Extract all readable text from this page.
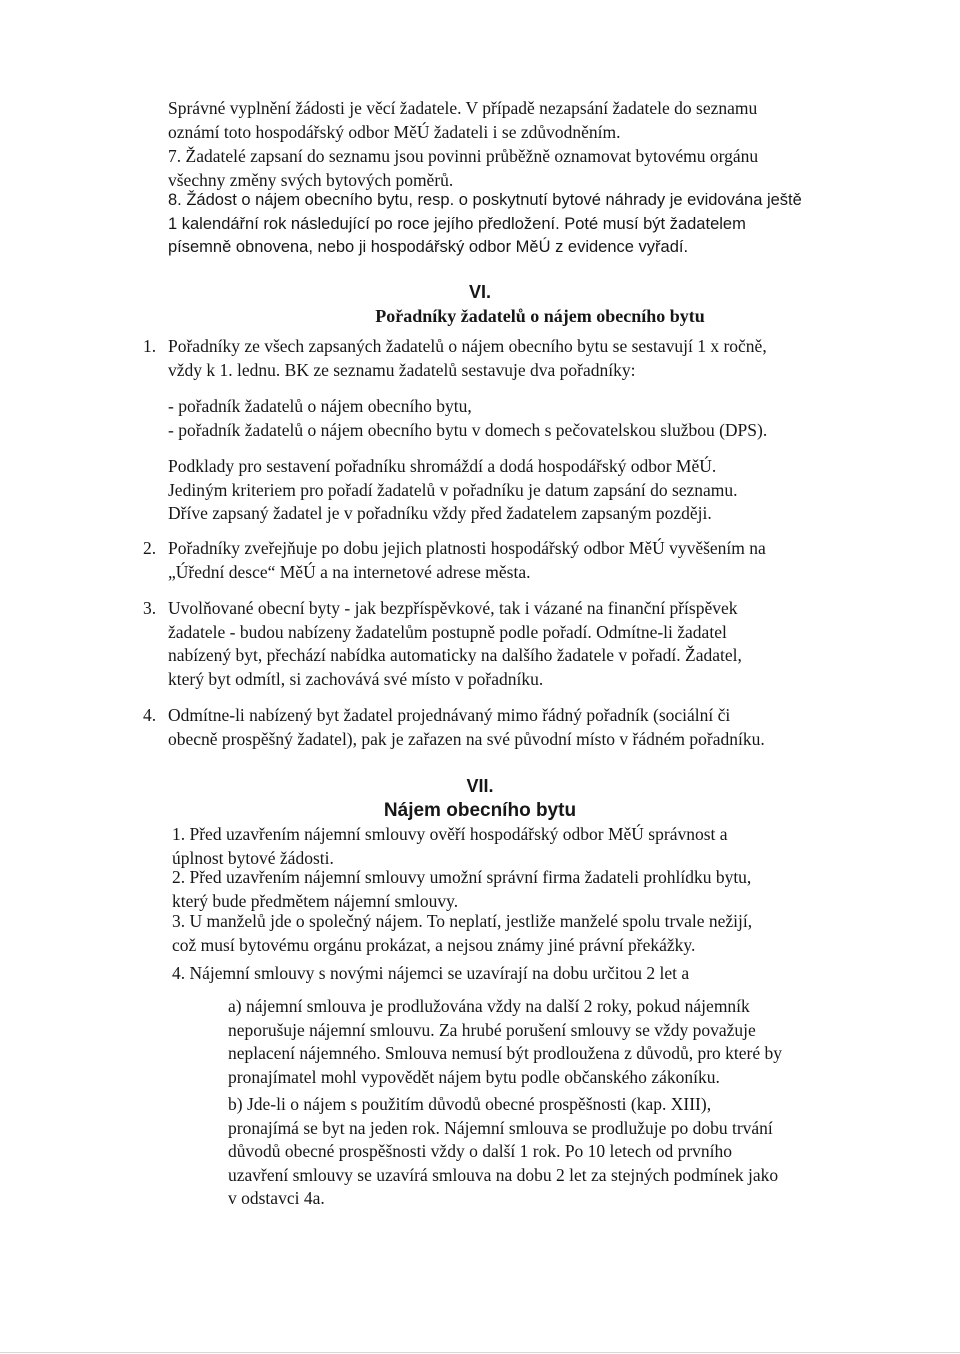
Správné vyplnění žádosti je věcí žadatele. V případě nezapsání žadatele do seznamu
oznámí toto hospodářský odbor MěÚ žadateli i se zdůvodněním.
7. Žadatelé zapsaní do seznamu jsou povinni průběžně oznamovat bytovému orgánu
všechny změny svých bytových poměrů.
8. Žádost o nájem obecního bytu, resp. o poskytnutí bytové náhrady je evidována ještě
1 kalendářní rok následující po roce jejího předložení. Poté musí být žadatelem
písemně obnovena, nebo ji hospodářský odbor MěÚ z evidence vyřadí.
VI.
Pořadníky žadatelů o nájem obecního bytu
1. Pořadníky ze všech zapsaných žadatelů o nájem obecního bytu se sestavují 1 x ročně,
vždy k 1. lednu. BK ze seznamu žadatelů sestavuje dva pořadníky:
- pořadník žadatelů o nájem obecního bytu,
- pořadník žadatelů o nájem obecního bytu v domech s pečovatelskou službou (DPS).
Podklady pro sestavení pořadníku shromáždí a dodá hospodářský odbor MěÚ.
Jediným kriteriem pro pořadí žadatelů v pořadníku je datum zapsání do seznamu.
Dříve zapsaný žadatel je v pořadníku vždy před žadatelem zapsaným později.
2. Pořadníky zveřejňuje po dobu jejich platnosti hospodářský odbor MěÚ vyvěšením na
„Úřední desce“ MěÚ a na internetové adrese města.
3. Uvolňované obecní byty - jak bezpříspěvkové, tak i vázané na finanční příspěvek
žadatele - budou nabízeny žadatelům postupně podle pořadí. Odmítne-li žadatel
nabízený byt, přechází nabídka automaticky na dalšího žadatele v pořadí. Žadatel,
který byt odmítl, si zachovává své místo v pořadníku.
4. Odmítne-li nabízený byt žadatel projednávaný mimo řádný pořadník (sociální či
obecně prospěšný žadatel), pak je zařazen na své původní místo v řádném pořadníku.
VII.
Nájem obecního bytu
1. Před uzavřením nájemní smlouvy ověří hospodářský odbor MěÚ správnost a
úplnost bytové žádosti.
2. Před uzavřením nájemní smlouvy umožní správní firma žadateli prohlídku bytu,
který bude předmětem nájemní smlouvy.
3. U manželů jde o společný nájem. To neplatí, jestliže manželé spolu trvale nežijí,
což musí bytovému orgánu prokázat, a nejsou známy jiné právní překážky.
4. Nájemní smlouvy s novými nájemci se uzavírají na dobu určitou 2 let a
a) nájemní smlouva je prodlužována vždy na další 2 roky, pokud nájemník
neporušuje nájemní smlouvu. Za hrubé porušení smlouvy se vždy považuje
neplacení nájemného. Smlouva nemusí být prodloužena z důvodů, pro které by
pronajímatel mohl vypovědět nájem bytu podle občanského zákoníku.
b) Jde-li o nájem s použitím důvodů obecné prospěšnosti (kap. XIII),
pronajímá se byt na jeden rok. Nájemní smlouva se prodlužuje po dobu trvání
důvodů obecné prospěšnosti vždy o další 1 rok. Po 10 letech od prvního
uzavření smlouvy se uzavírá smlouva na dobu 2 let za stejných podmínek jako
v odstavci 4a.
